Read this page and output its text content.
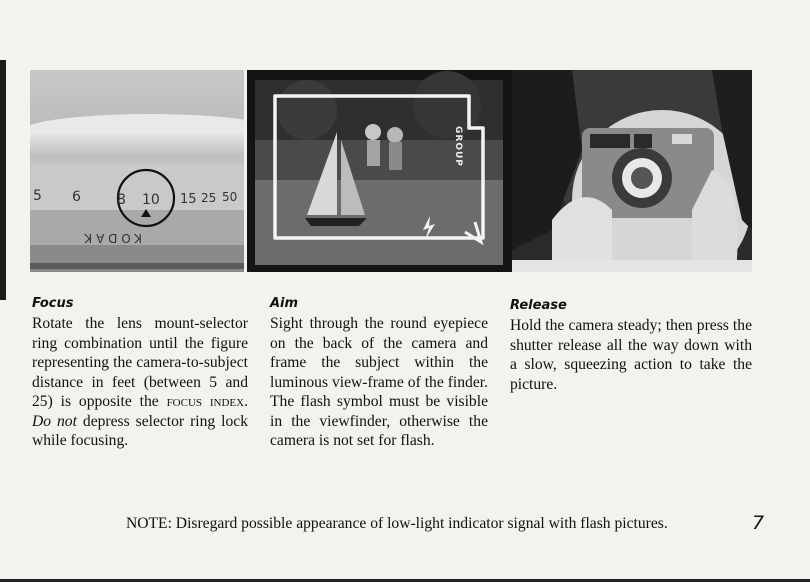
5 6	8 10 15 25 50
KODAK
GROUP
Focus

Rotate the lens mount-selector ring combination until the figure representing the camera-to-subject distance in feet (between 5 and 25) is opposite the focus index. Do not depress selector ring lock while focusing.

Aim

Sight through the round eyepiece on the back of the camera and frame the subject within the luminous view-frame of the finder. The flash symbol must be visible in the viewfinder, otherwise the camera is not set for flash.

Release

Hold the camera steady; then press the shutter release all the way down with a slow, squeezing action to take the picture.

NOTE: Disregard possible appearance of low-light indicator signal with flash pictures.	7
